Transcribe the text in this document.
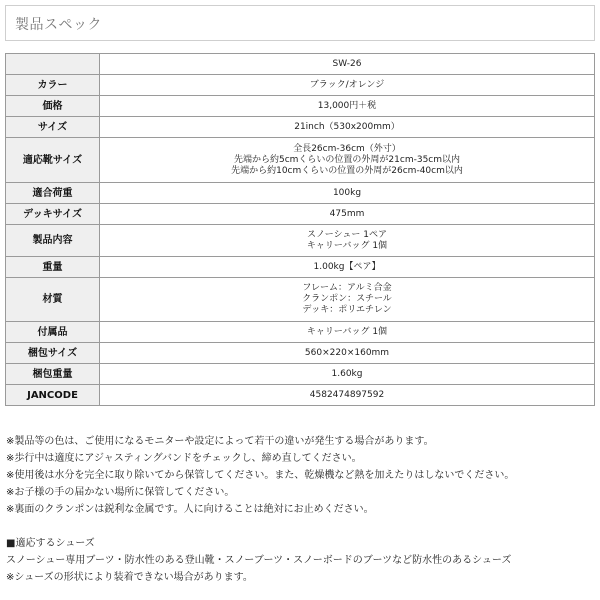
製品スペック
	SW-26
カラー	ブラック/オレンジ

価格	13,000円＋税

サイズ	21inch（530x200mm）

適応靴サイズ	全長26cm-36cm（外寸）
先端から約5cmくらいの位置の外周が21cm-35cm以内
先端から約10cmくらいの位置の外周が26cm-40cm以内

適合荷重	100kg

デッキサイズ	475mm

製品内容	スノーシュー 1ペア
キャリーバッグ 1個

重量	1.00kg【ペア】

材質	フレーム：アルミ合金
クランポン：スチール
デッキ：ポリエチレン

付属品	キャリーバッグ 1個

梱包サイズ	560×220×160mm

梱包重量	1.60kg

JANCODE	4582474897592
※製品等の色は、ご使用になるモニターや設定によって若干の違いが発生する場合があります。
※歩行中は適度にアジャスティングバンドをチェックし、締め直してください。
※使用後は水分を完全に取り除いてから保管してください。また、乾燥機など熱を加えたりはしないでください。
※お子様の手の届かない場所に保管してください。
※裏面のクランポンは鋭利な金属です。人に向けることは絶対にお止めください。
■適応するシューズ
スノーシュー専用ブーツ・防水性のある登山靴・スノーブーツ・スノーボードのブーツなど防水性のあるシューズ
※シューズの形状により装着できない場合があります。
